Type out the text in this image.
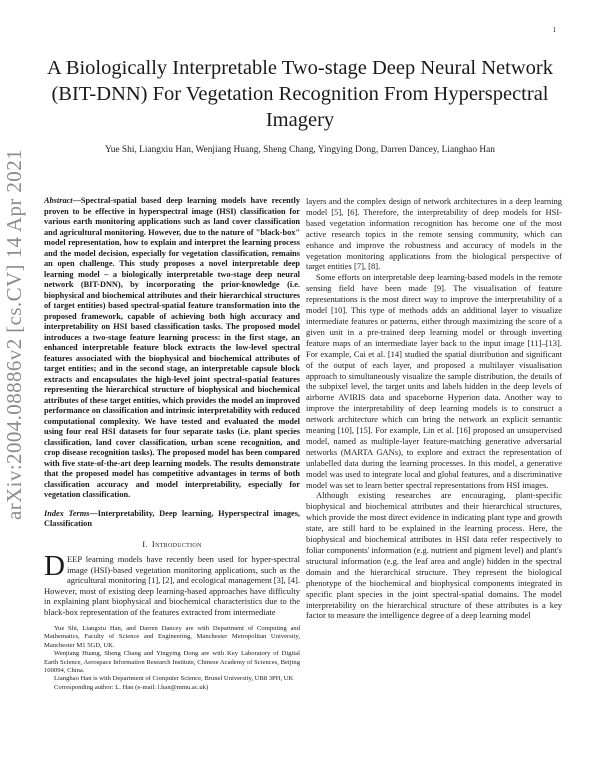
1
arXiv:2004.08886v2 [cs.CV] 14 Apr 2021
A Biologically Interpretable Two-stage Deep Neural Network (BIT-DNN) For Vegetation Recognition From Hyperspectral Imagery

Yue Shi, Liangxiu Han, Wenjiang Huang, Sheng Chang, Yingying Dong, Darren Dancey, Lianghao Han

Abstract—Spectral-spatial based deep learning models have recently proven to be effective in hyperspectral image (HSI) classification for various earth monitoring applications such as land cover classification and agricultural monitoring. However, due to the nature of "black-box" model representation, how to explain and interpret the learning process and the model decision, especially for vegetation classification, remains an open challenge. This study proposes a novel interpretable deep learning model – a biologically interpretable two-stage deep neural network (BIT-DNN), by incorporating the prior-knowledge (i.e. biophysical and biochemical attributes and their hierarchical structures of target entities) based spectral-spatial feature transformation into the proposed framework, capable of achieving both high accuracy and interpretability on HSI based classification tasks. The proposed model introduces a two-stage feature learning process: in the first stage, an enhanced interpretable feature block extracts the low-level spectral features associated with the biophysical and biochemical attributes of target entities; and in the second stage, an interpretable capsule block extracts and encapsulates the high-level joint spectral-spatial features representing the hierarchical structure of biophysical and biochemical attributes of these target entities, which provides the model an improved performance on classification and intrinsic interpretability with reduced computational complexity. We have tested and evaluated the model using four real HSI datasets for four separate tasks (i.e. plant species classification, land cover classification, urban scene recognition, and crop disease recognition tasks). The proposed model has been compared with five state-of-the-art deep learning models. The results demonstrate that the proposed model has competitive advantages in terms of both classification accuracy and model interpretability, especially for vegetation classification.

Index Terms—Interpretability, Deep learning, Hyperspectral images, Classification

I. Introduction

DEEP learning models have recently been used for hyper-spectral image (HSI)-based vegetation monitoring applications, such as the agricultural monitoring [1], [2], and ecological management [3], [4]. However, most of existing deep learning-based approaches have difficulty in explaining plant biophysical and biochemical characteristics due to the black-box representation of the features extracted from intermediate

Yue Shi, Liangxiu Han, and Darren Dancey are with Department of Computing and Mathematics, Faculty of Science and Engineering, Manchester Metropolitan University, Manchester M1 5GD, UK.

Wenjiang Huang, Sheng Chang and Yingying Dong are with Key Laboratory of Digital Earth Science, Aerospace Information Research Institute, Chinese Academy of Sciences, Beijing 100094, China.

Lianghao Han is with Department of Computer Science, Brunel University, UB8 3PH, UK

Corresponding author: L. Han (e-mail: l.han@mmu.ac.uk)

layers and the complex design of network architectures in a deep learning model [5], [6]. Therefore, the interpretability of deep models for HSI-based vegetation information recognition has become one of the most active research topics in the remote sensing community, which can enhance and improve the robustness and accuracy of models in the vegetation monitoring applications from the biological perspective of target entities [7], [8].

Some efforts on interpretable deep learning-based models in the remote sensing field have been made [9]. The visualisation of feature representations is the most direct way to improve the interpretability of a model [10]. This type of methods adds an additional layer to visualize intermediate features or patterns, either through maximizing the score of a given unit in a pre-trained deep learning model or through inverting feature maps of an intermediate layer back to the input image [11]–[13]. For example, Cai et al. [14] studied the spatial distribution and significant of the output of each layer, and proposed a multilayer visualisation approach to simultaneously visualize the sample distribution, the details of the subpixel level, the target units and labels hidden in the deep levels of airborne AVIRIS data and spaceborne Hyperion data. Another way to improve the interpretability of deep learning models is to construct a network architecture which can bring the network an explicit semantic meaning [10], [15]. For example, Lin et al. [16] proposed an unsupervised model, named as multiple-layer feature-matching generative adversarial networks (MARTA GANs), to explore and extract the representation of unlabelled data during the learning processes. In this model, a generative model was used to integrate local and global features, and a discriminative model was set to learn better spectral representations from HSI images.

Although existing researches are encouraging, plant-specific biophysical and biochemical attributes and their hierarchical structures, which provide the most direct evidence in indicating plant type and growth state, are still hard to be explained in the learning process. Here, the biophysical and biochemical attributes in HSI data refer respectively to foliar components' information (e.g. nutrient and pigment level) and plant's structural information (e.g. the leaf area and angle) hidden in the spectral domain and the hierarchical structure. They represent the biological phenotype of the biochemical and biophysical components integrated in specific plant species in the joint spectral-spatial domains. The model interpretability on the hierarchical structure of these attributes is a key factor to measure the intelligence degree of a deep learning model
